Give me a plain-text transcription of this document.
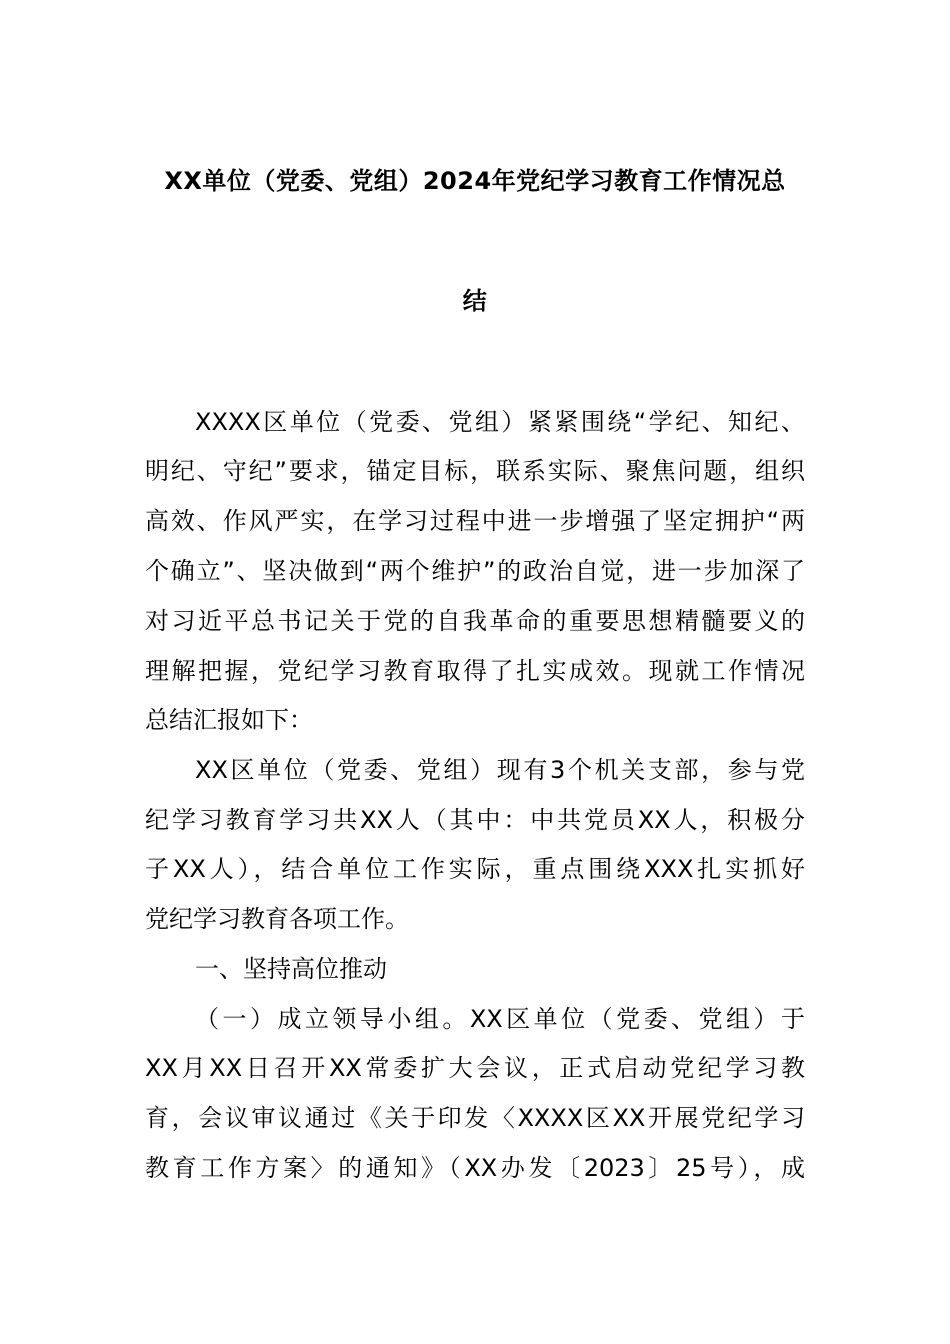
XX单位（党委、党组）2024年党纪学习教育工作情况总
结
XXXX区单位（党委、党组）紧紧围绕“学纪、知纪、
明纪、守纪”要求，锚定目标，联系实际、聚焦问题，组织
高效、作风严实，在学习过程中进一步增强了坚定拥护“两
个确立”、坚决做到“两个维护”的政治自觉，进一步加深了
对习近平总书记关于党的自我革命的重要思想精髓要义的
理解把握，党纪学习教育取得了扎实成效。现就工作情况
总结汇报如下：
XX区单位（党委、党组）现有3个机关支部，参与党
纪学习教育学习共XX人（其中：中共党员XX人，积极分
子XX人），结合单位工作实际，重点围绕XXX扎实抓好
党纪学习教育各项工作。
一、坚持高位推动
（一）成立领导小组。XX区单位（党委、党组）于
XX月XX日召开XX常委扩大会议，正式启动党纪学习教
育，会议审议通过《关于印发〈XXXX区XX开展党纪学习
教育工作方案〉的通知》（XX办发〔2023〕25号），成
